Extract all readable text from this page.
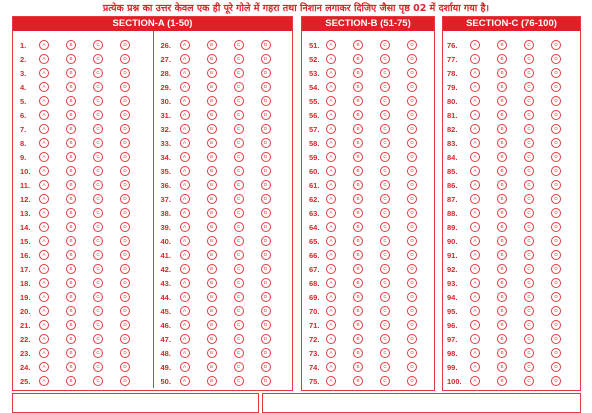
प्रत्येक प्रश्न का उत्तर केवल एक ही पूरे गोले में गहरा तथा निशान लगाकर दिजिए जैसा पृष्ठ 02 में दर्शाया गया है।
SECTION-A (1-50)
1.	A	B	C	D
2.	A	B	C	D
3.	A	B	C	D
4.	A	B	C	D
5.	A	B	C	D
6.	A	B	C	D
7.	A	B	C	D
8.	A	B	C	D
9.	A	B	C	D
10.	A	B	C	D
11.	A	B	C	D
12.	A	B	C	D
13.	A	B	C	D
14.	A	B	C	D
15.	A	B	C	D
16.	A	B	C	D
17.	A	B	C	D
18.	A	B	C	D
19.	A	B	C	D
20.	A	B	C	D
21.	A	B	C	D
22.	A	B	C	D
23.	A	B	C	D
24.	A	B	C	D
25.	A	B	C	D
26.	A	B	C	D
27.	A	B	C	D
28.	A	B	C	D
29.	A	B	C	D
30.	A	B	C	D
31.	A	B	C	D
32.	A	B	C	D
33.	A	B	C	D
34.	A	B	C	D
35.	A	B	C	D
36.	A	B	C	D
37.	A	B	C	D
38.	A	B	C	D
39.	A	B	C	D
40.	A	B	C	D
41.	A	B	C	D
42.	A	B	C	D
43.	A	B	C	D
44.	A	B	C	D
45.	A	B	C	D
46.	A	B	C	D
47.	A	B	C	D
48.	A	B	C	D
49.	A	B	C	D
50.	A	B	C	D
SECTION-B (51-75)
51.	A	B	C	D
52.	A	B	C	D
53.	A	B	C	D
54.	A	B	C	D
55.	A	B	C	D
56.	A	B	C	D
57.	A	B	C	D
58.	A	B	C	D
59.	A	B	C	D
60.	A	B	C	D
61.	A	B	C	D
62.	A	B	C	D
63.	A	B	C	D
64.	A	B	C	D
65.	A	B	C	D
66.	A	B	C	D
67.	A	B	C	D
68.	A	B	C	D
69.	A	B	C	D
70.	A	B	C	D
71.	A	B	C	D
72.	A	B	C	D
73.	A	B	C	D
74.	A	B	C	D
75.	A	B	C	D
SECTION-C (76-100)
76.	A	B	C	D
77.	A	B	C	D
78.	A	B	C	D
79.	A	B	C	D
80.	A	B	C	D
81.	A	B	C	D
82.	A	B	C	D
83.	A	B	C	D
84.	A	B	C	D
85.	A	B	C	D
86.	A	B	C	D
87.	A	B	C	D
88.	A	B	C	D
89.	A	B	C	D
90.	A	B	C	D
91.	A	B	C	D
92.	A	B	C	D
93.	A	B	C	D
94.	A	B	C	D
95.	A	B	C	D
96.	A	B	C	D
97.	A	B	C	D
98.	A	B	C	D
99.	A	B	C	D
100.	A	B	C	D
